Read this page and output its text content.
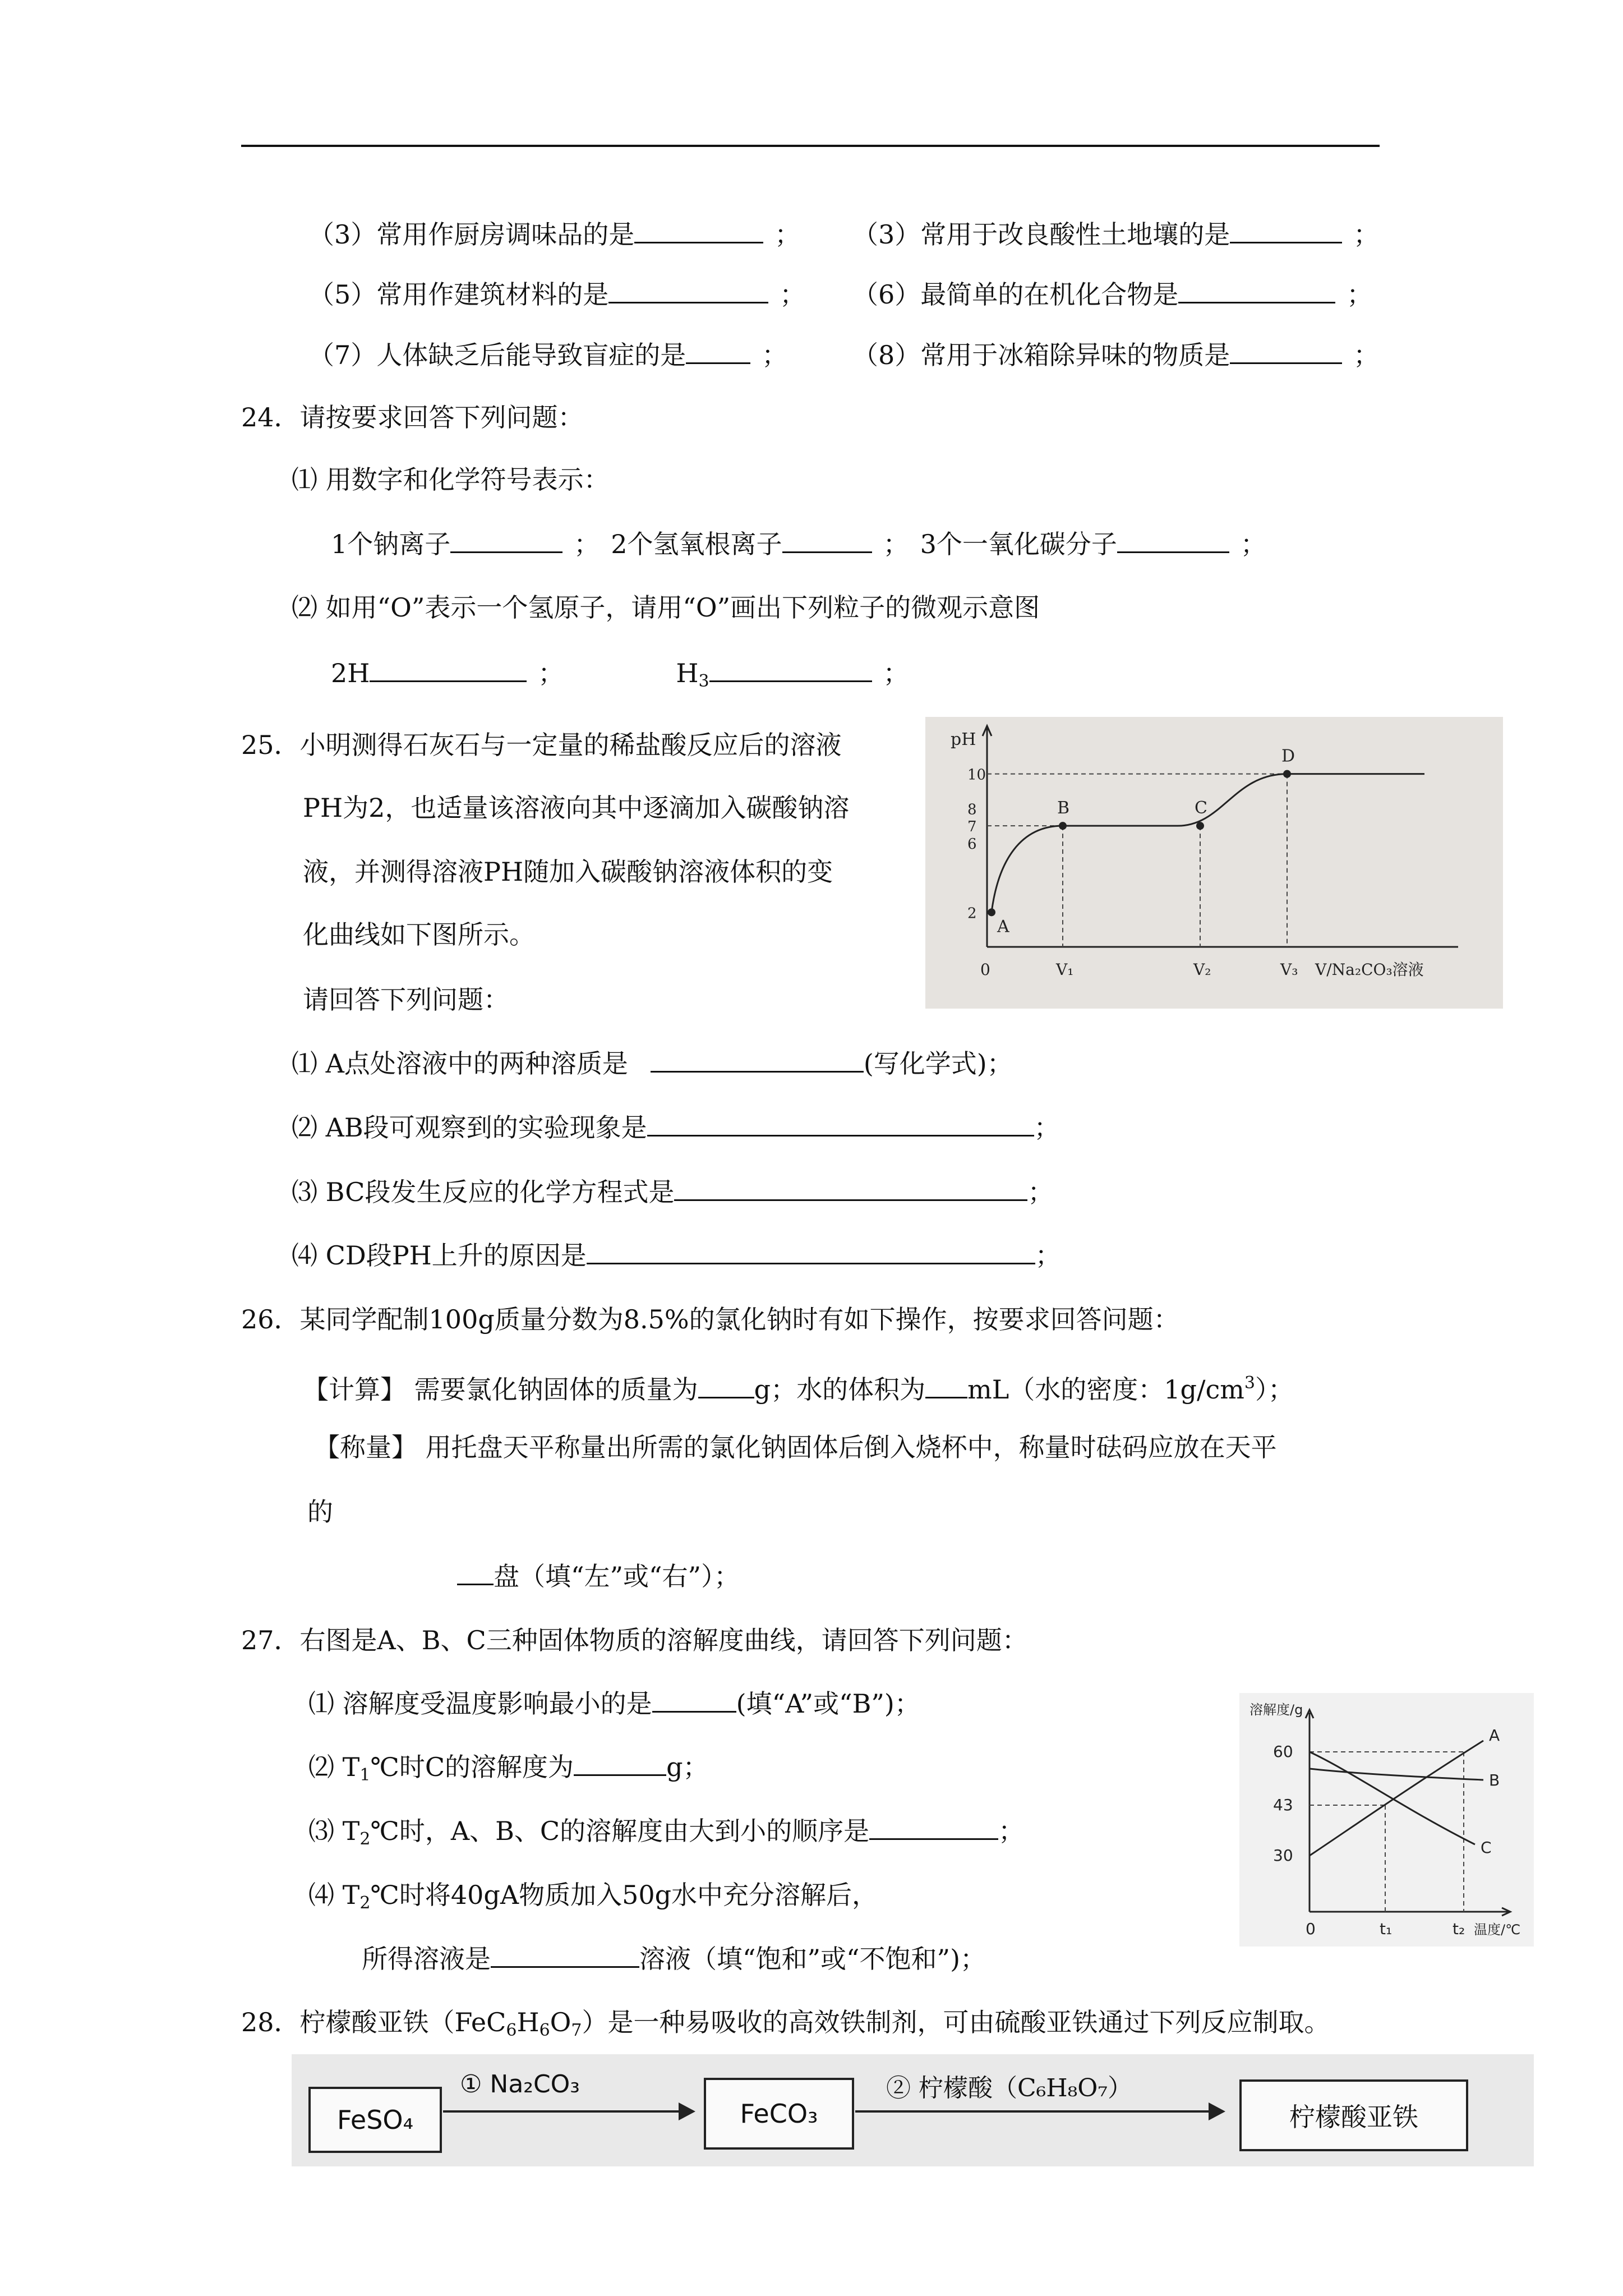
（3）常用作厨房调味品的是	； （3）常用于改良酸性土地壤的是	；
（5）常用作建筑材料的是	； （6）最简单的在机化合物是	；
（7）人体缺乏后能导致盲症的是	；	（8）常用于冰箱除异味的物质是	；
24．请按要求回答下列问题：
⑴ 用数字和化学符号表示：
1个钠离子	； 2个氢氧根离子	； 3个一氧化碳分子	；
⑵ 如用“O”表示一个氢原子，请用“O”画出下列粒子的微观示意图
2H	；	$H_3$	；
25．小明测得石灰石与一定量的稀盐酸反应后的溶液
PH为2，也适量该溶液向其中逐滴加入碳酸钠溶
液，并测得溶液PH随加入碳酸钠溶液体积的变
化曲线如下图所示。
请回答下列问题：
pH
2
6
7
8
10
0	V₁	V₂	V₃ V/Na₂CO₃溶液
A
B	C
D
⑴ A点处溶液中的两种溶质是	(写化学式)；
⑵ AB段可观察到的实验现象是	；
⑶ BC段发生反应的化学方程式是	；
⑷ CD段PH上升的原因是	；
26．某同学配制100g质量分数为8.5%的氯化钠时有如下操作，按要求回答问题：
【计算】 需要氯化钠固体的质量为 g；水的体积为 mL（水的密度：$1g/cm^3$）；
【称量】 用托盘天平称量出所需的氯化钠固体后倒入烧杯中，称量时砝码应放在天平
的
盘（填“左”或“右”）；
27．右图是A、B、C三种固体物质的溶解度曲线，请回答下列问题：
⑴ 溶解度受温度影响最小的是	(填“A”或“B”)；
⑵ $T_1℃$时C的溶解度为	g；
⑶ $T_2℃$时，A、B、C的溶解度由大到小的顺序是	；
⑷ $T_2℃$时将40gA物质加入50g水中充分溶解后，
所得溶液是	溶液（填“饱和”或“不饱和”)；
溶解度/g
60
43
30
0	t₁	t₂ 温度/℃
A
B
C
28．柠檬酸亚铁$(FeC_6H_6O_7)$是一种易吸收的高效铁制剂，可由硫酸亚铁通过下列反应制取。
FeSO₄
① Na₂CO₃
FeCO₃
② 柠檬酸（C₆H₈O₇）
柠檬酸亚铁
